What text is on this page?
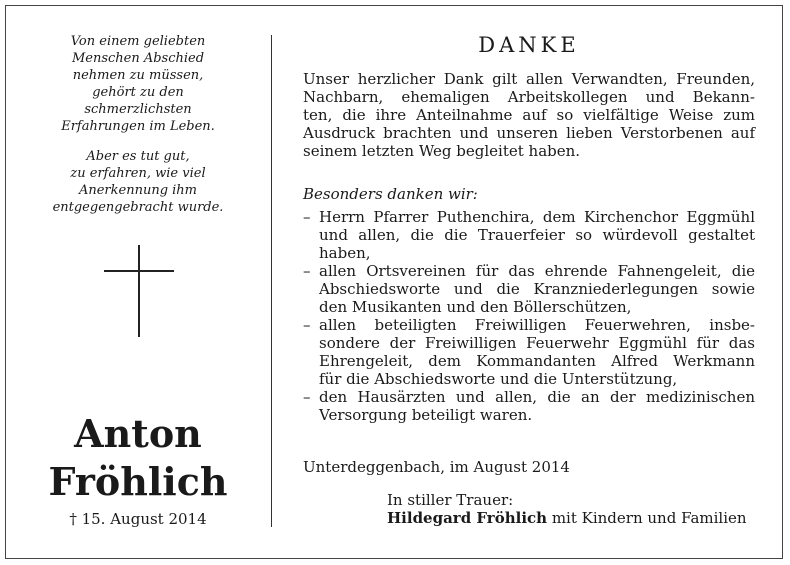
Von einem geliebten
Menschen Abschied
nehmen zu müssen,
gehört zu den
schmerzlichsten
Erfahrungen im Leben.
Aber es tut gut,
zu erfahren, wie viel
Anerkennung ihm
entgegengebracht wurde.
Anton
Fröhlich
† 15. August 2014
DANKE
Unser herzlicher Dank gilt allen Verwandten, Freunden,
Nachbarn, ehemaligen Arbeitskollegen und Bekann-
ten, die ihre Anteilnahme auf so vielfältige Weise zum
Ausdruck brachten und unseren lieben Verstorbenen auf
seinem letzten Weg begleitet haben.
Besonders danken wir:
– Herrn Pfarrer Puthenchira, dem Kirchenchor Eggmühl
und allen, die die Trauerfeier so würdevoll gestaltet
haben,
– allen Ortsvereinen für das ehrende Fahnengeleit, die
Abschiedsworte und die Kranzniederlegungen sowie
den Musikanten und den Böllerschützen,
– allen beteiligten Freiwilligen Feuerwehren, insbe-
sondere der Freiwilligen Feuerwehr Eggmühl für das
Ehrengeleit, dem Kommandanten Alfred Werkmann
für die Abschiedsworte und die Unterstützung,
– den Hausärzten und allen, die an der medizinischen
Versorgung beteiligt waren.
Unterdeggenbach, im August 2014
In stiller Trauer:
Hildegard Fröhlich mit Kindern und Familien
